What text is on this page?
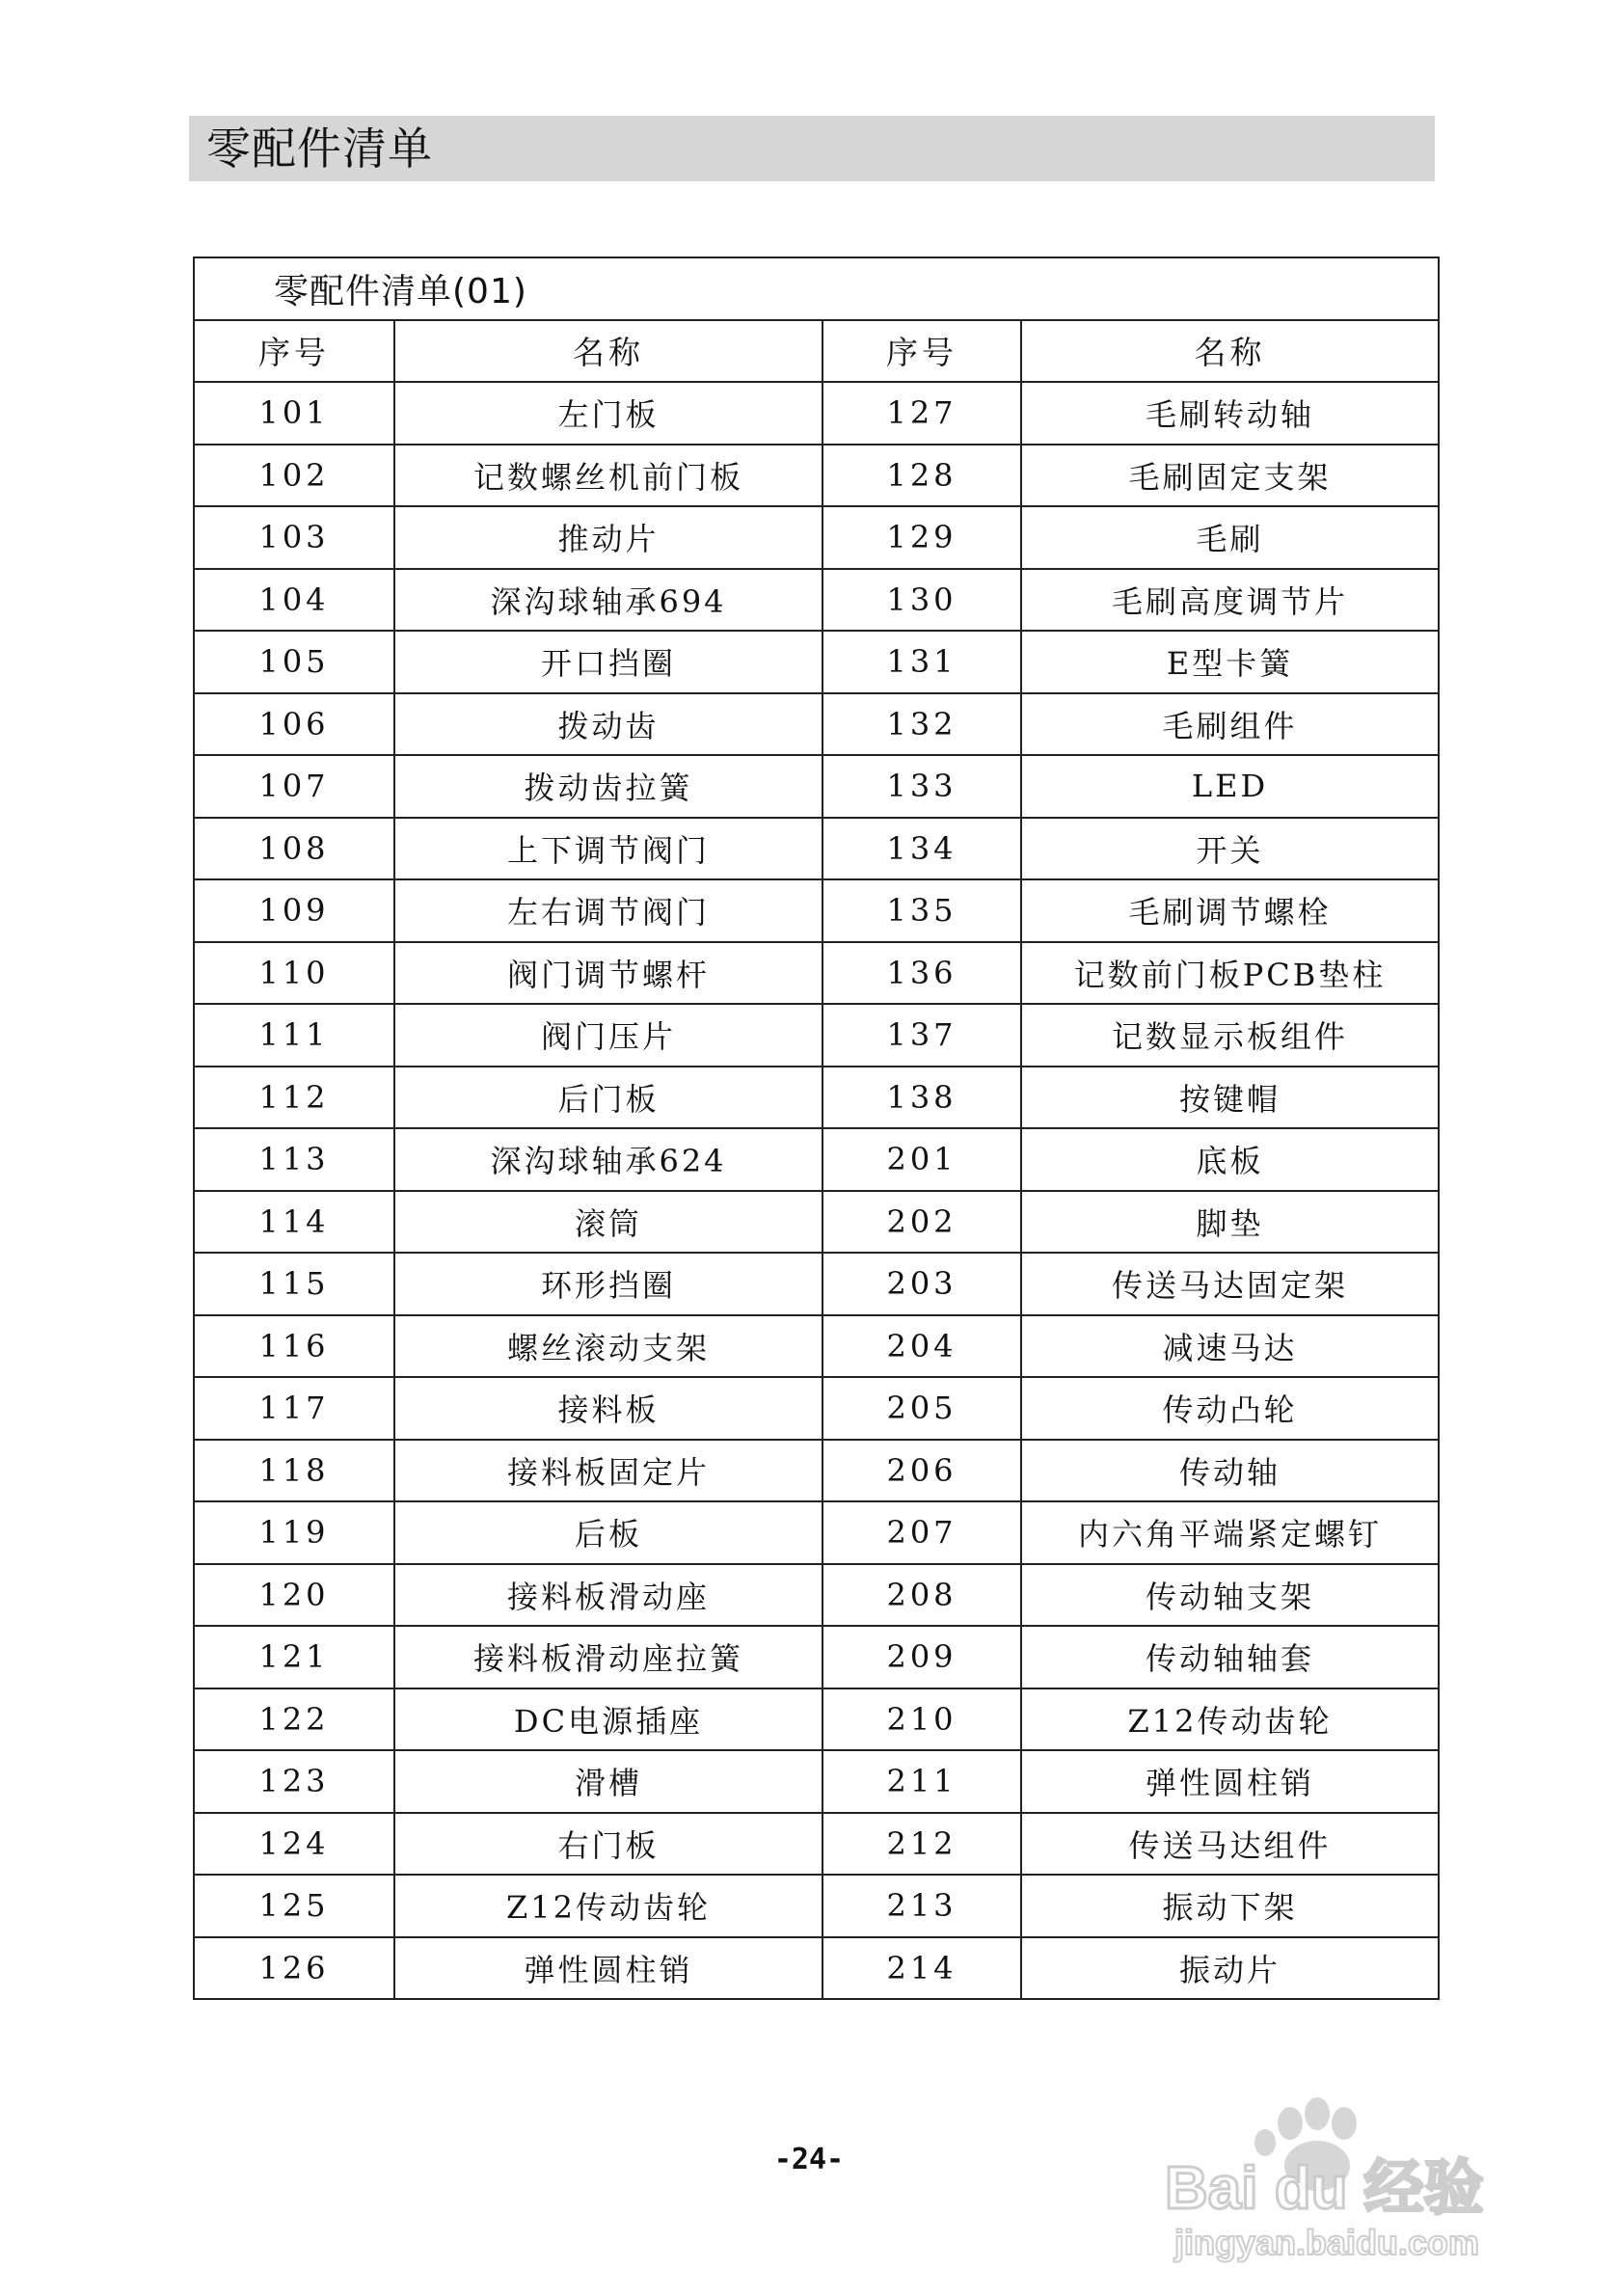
零配件清单
零配件清单(01)			
序号	名称	序号	名称
101	左门板	127	毛刷转动轴
102	记数螺丝机前门板	128	毛刷固定支架
103	推动片	129	毛刷
104	深沟球轴承694	130	毛刷高度调节片
105	开口挡圈	131	E型卡簧
106	拨动齿	132	毛刷组件
107	拨动齿拉簧	133	LED
108	上下调节阀门	134	开关
109	左右调节阀门	135	毛刷调节螺栓
110	阀门调节螺杆	136	记数前门板PCB垫柱
111	阀门压片	137	记数显示板组件
112	后门板	138	按键帽
113	深沟球轴承624	201	底板
114	滚筒	202	脚垫
115	环形挡圈	203	传送马达固定架
116	螺丝滚动支架	204	减速马达
117	接料板	205	传动凸轮
118	接料板固定片	206	传动轴
119	后板	207	内六角平端紧定螺钉
120	接料板滑动座	208	传动轴支架
121	接料板滑动座拉簧	209	传动轴轴套
122	DC电源插座	210	Z12传动齿轮
123	滑槽	211	弹性圆柱销
124	右门板	212	传送马达组件
125	Z12传动齿轮	213	振动下架
126	弹性圆柱销	214	振动片
-24-	Bai du 经验
jingyan.baidu.com
